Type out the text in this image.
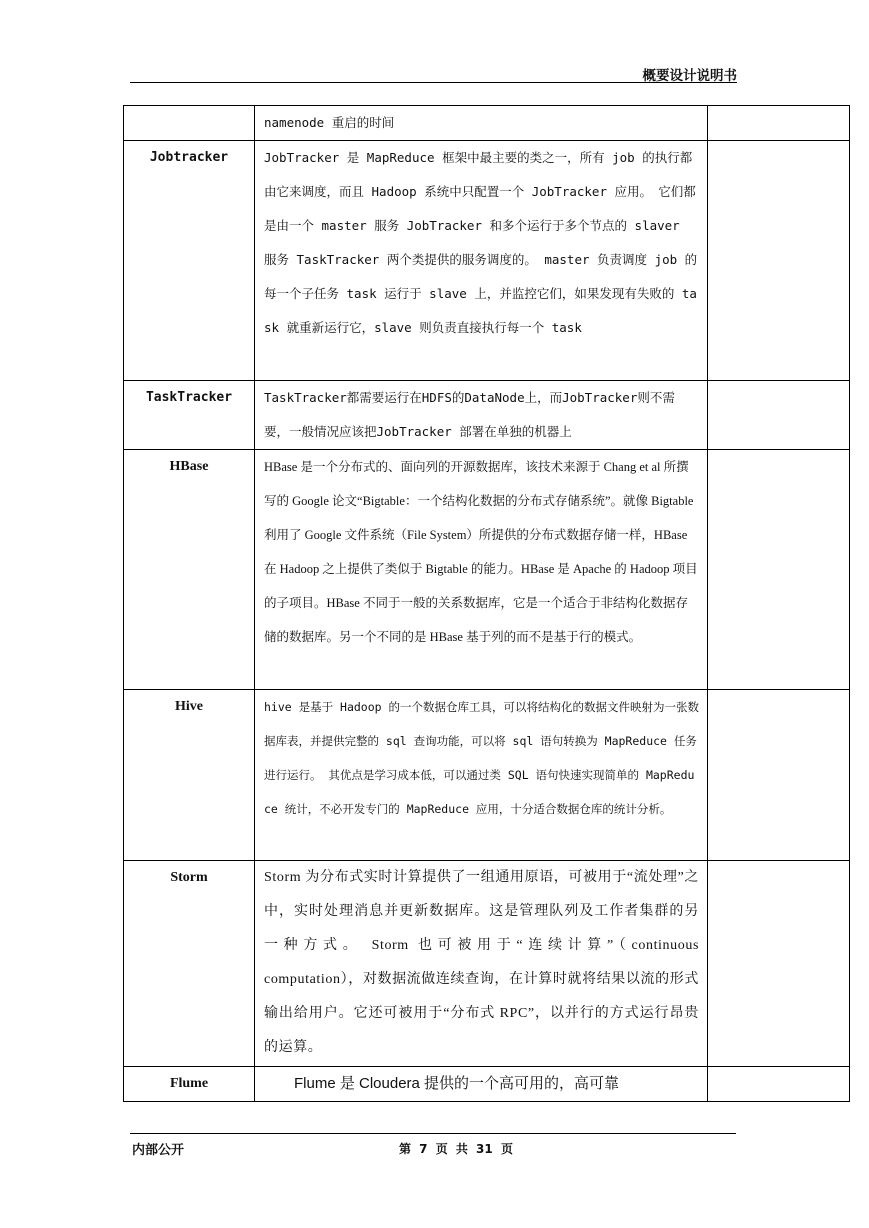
概要设计说明书

	namenode 重启的时间	

Jobtracker	JobTracker 是 MapReduce 框架中最主要的类之一，所有 job 的执行都由它来调度，而且 Hadoop 系统中只配置一个 JobTracker 应用。　它们都是由一个 master 服务 JobTracker 和多个运行于多个节点的 slaver 服务 TaskTracker 两个类提供的服务调度的。 master 负责调度 job 的每一个子任务 task 运行于 slave 上，并监控它们，如果发现有失败的 task 就重新运行它，slave 则负责直接执行每一个 task	

TaskTracker	TaskTracker都需要运行在HDFS的DataNode上，而JobTracker则不需要，一般情况应该把JobTracker 部署在单独的机器上	

HBase	HBase 是一个分布式的、面向列的开源数据库，该技术来源于 Chang et al 所撰写的 Google 论文“Bigtable：一个结构化数据的分布式存储系统”。就像 Bigtable 利用了 Google 文件系统（File System）所提供的分布式数据存储一样，HBase 在 Hadoop 之上提供了类似于 Bigtable 的能力。HBase 是 Apache 的 Hadoop 项目的子项目。HBase 不同于一般的关系数据库，它是一个适合于非结构化数据存储的数据库。另一个不同的是 HBase 基于列的而不是基于行的模式。	

Hive	hive 是基于 Hadoop 的一个数据仓库工具，可以将结构化的数据文件映射为一张数据库表，并提供完整的 sql 查询功能，可以将 sql 语句转换为 MapReduce 任务进行运行。 其优点是学习成本低，可以通过类 SQL 语句快速实现简单的 MapReduce 统计，不必开发专门的 MapReduce 应用，十分适合数据仓库的统计分析。	

Storm	Storm 为分布式实时计算提供了一组通用原语，可被用于“流处理”之中，实时处理消息并更新数据库。这是管理队列及工作者集群的另一种方式。 Storm 也可被用于“连续计算”（continuous computation），对数据流做连续查询，在计算时就将结果以流的形式输出给用户。它还可被用于“分布式 RPC”，以并行的方式运行昂贵的运算。	

Flume	Flume 是 Cloudera 提供的一个高可用的，高可靠	

内部公开	第 7 页 共 31 页
